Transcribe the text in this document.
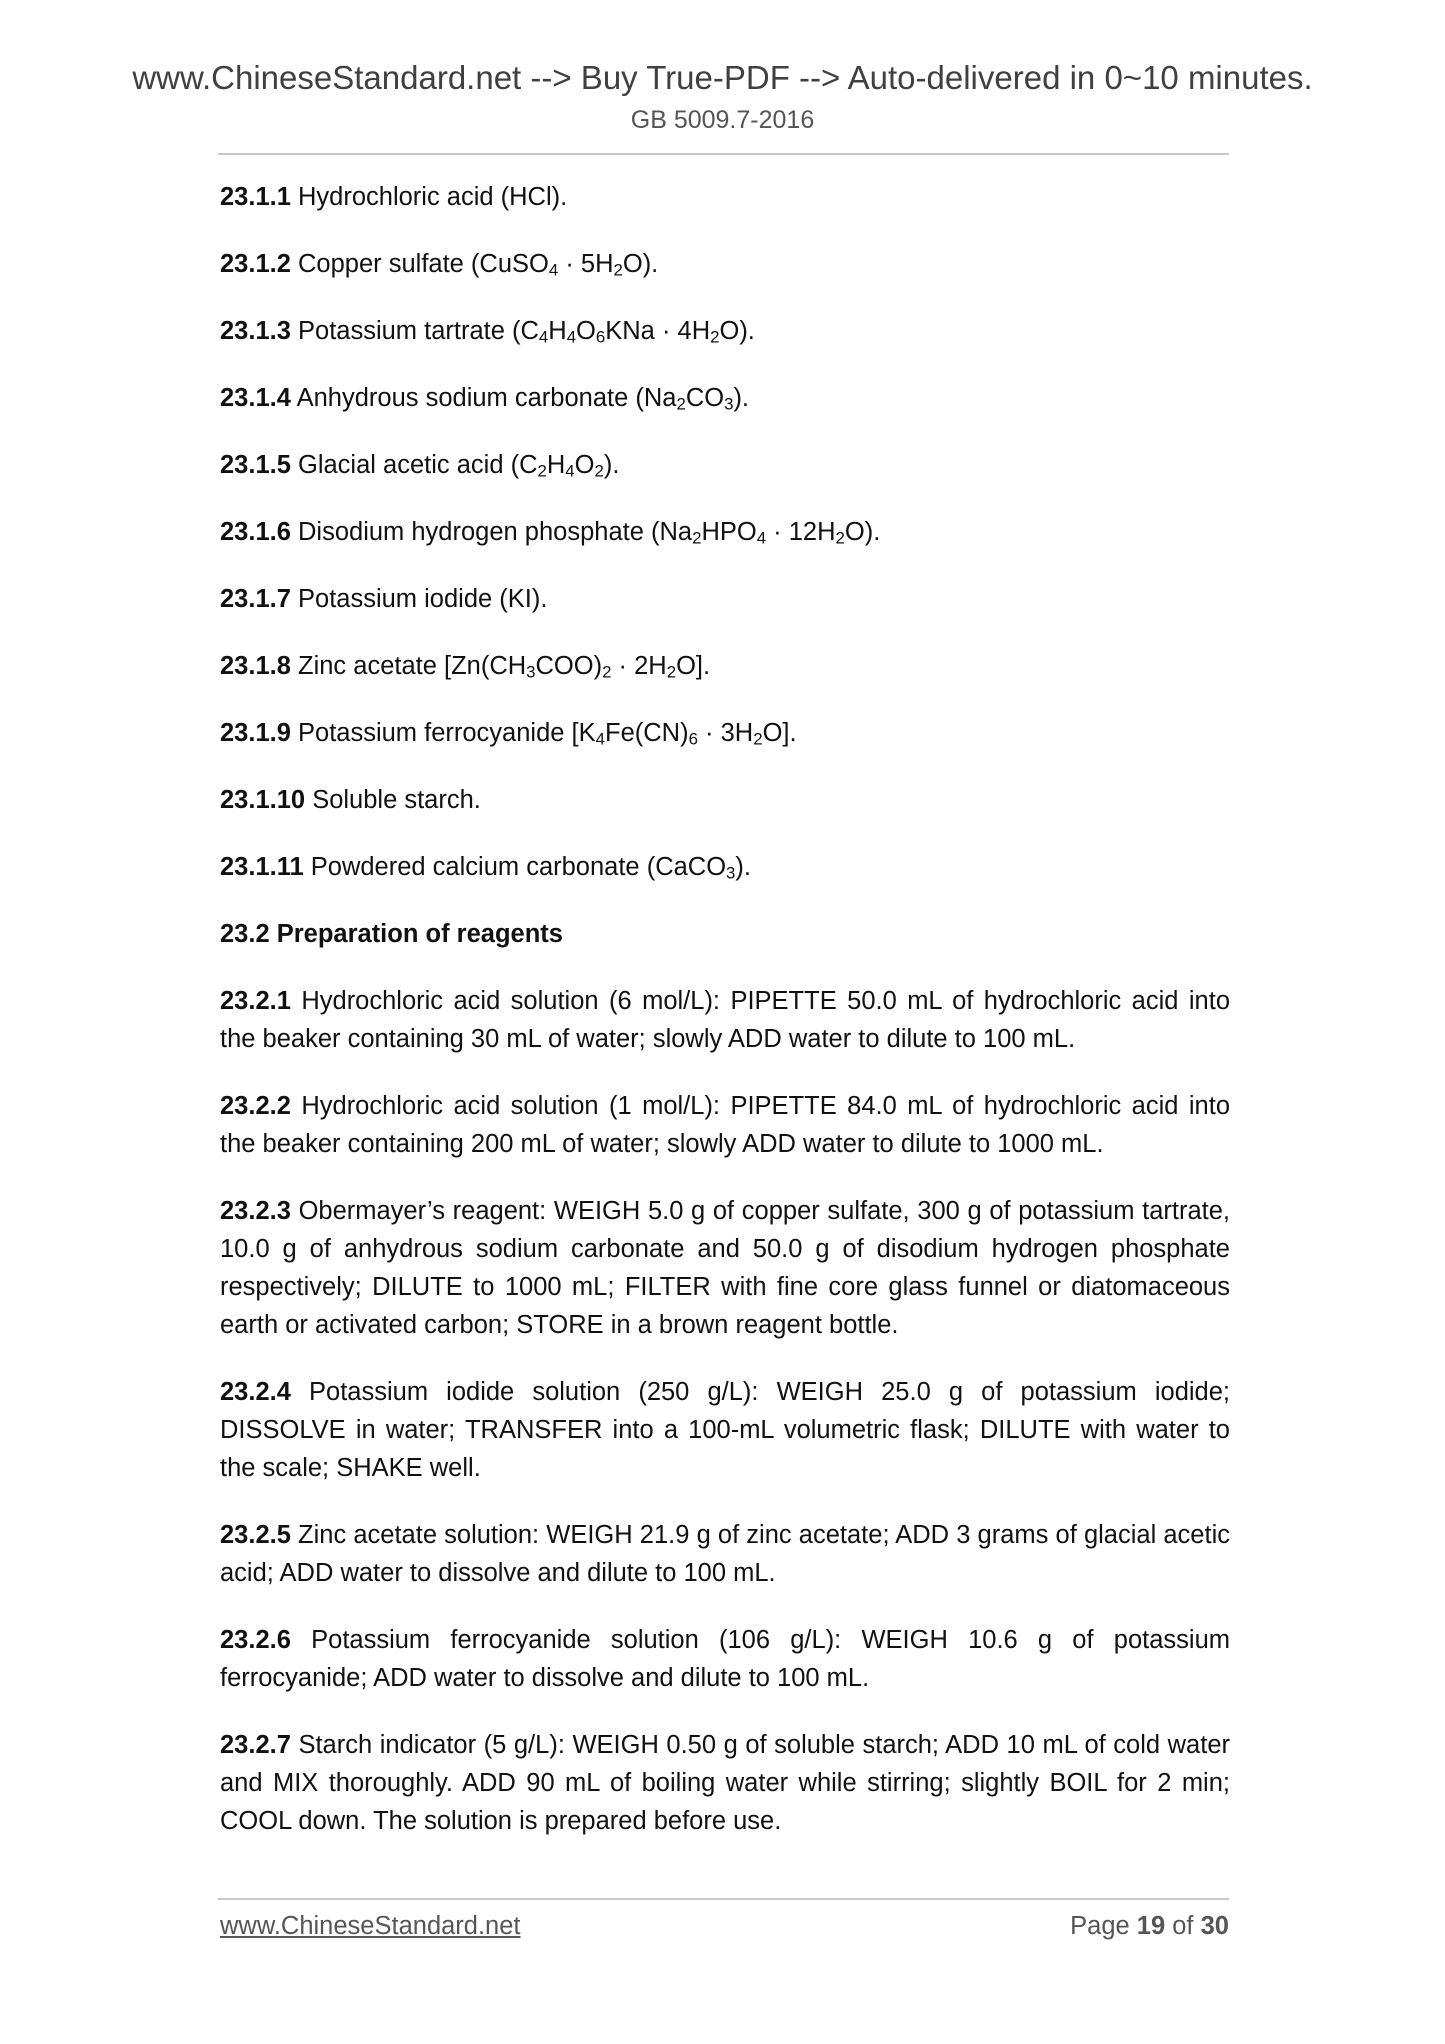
www.ChineseStandard.net --> Buy True-PDF --> Auto-delivered in 0~10 minutes.
GB 5009.7-2016

23.1.1 Hydrochloric acid (HCl).

23.1.2 Copper sulfate (CuSO$_4$ · $5H_2O$).

23.1.3 Potassium tartrate $(C_4H_4O_6KNa \cdot 4H_2O)$.

23.1.4 Anhydrous sodium carbonate $(Na_2CO_3)$.

23.1.5 Glacial acetic acid $(C_2H_4O_2)$.

23.1.6 Disodium hydrogen phosphate $(Na_2HPO_4 \cdot 12H_2O)$.

23.1.7 Potassium iodide (KI).

23.1.8 Zinc acetate $[Zn(CH_3COO)_2 \cdot 2H_2O]$.

23.1.9 Potassium ferrocyanide $[K_4Fe(CN)_6 \cdot 3H_2O]$.

23.1.10 Soluble starch.

23.1.11 Powdered calcium carbonate (CaCO$_3$).

23.2 Preparation of reagents

23.2.1 Hydrochloric acid solution (6 mol/L): PIPETTE 50.0 mL of hydrochloric acid into the beaker containing 30 mL of water; slowly ADD water to dilute to 100 mL.

23.2.2 Hydrochloric acid solution (1 mol/L): PIPETTE 84.0 mL of hydrochloric acid into the beaker containing 200 mL of water; slowly ADD water to dilute to 1000 mL.

23.2.3 Obermayer’s reagent: WEIGH 5.0 g of copper sulfate, 300 g of potassium tartrate, 10.0 g of anhydrous sodium carbonate and 50.0 g of disodium hydrogen phosphate respectively; DILUTE to 1000 mL; FILTER with fine core glass funnel or diatomaceous earth or activated carbon; STORE in a brown reagent bottle.

23.2.4 Potassium iodide solution (250 g/L): WEIGH 25.0 g of potassium iodide; DISSOLVE in water; TRANSFER into a 100-mL volumetric flask; DILUTE with water to the scale; SHAKE well.

23.2.5 Zinc acetate solution: WEIGH 21.9 g of zinc acetate; ADD 3 grams of glacial acetic acid; ADD water to dissolve and dilute to 100 mL.

23.2.6 Potassium ferrocyanide solution (106 g/L): WEIGH 10.6 g of potassium ferrocyanide; ADD water to dissolve and dilute to 100 mL.

23.2.7 Starch indicator (5 g/L): WEIGH 0.50 g of soluble starch; ADD 10 mL of cold water and MIX thoroughly. ADD 90 mL of boiling water while stirring; slightly BOIL for 2 min; COOL down. The solution is prepared before use.

www.ChineseStandard.net	Page 19 of 30
